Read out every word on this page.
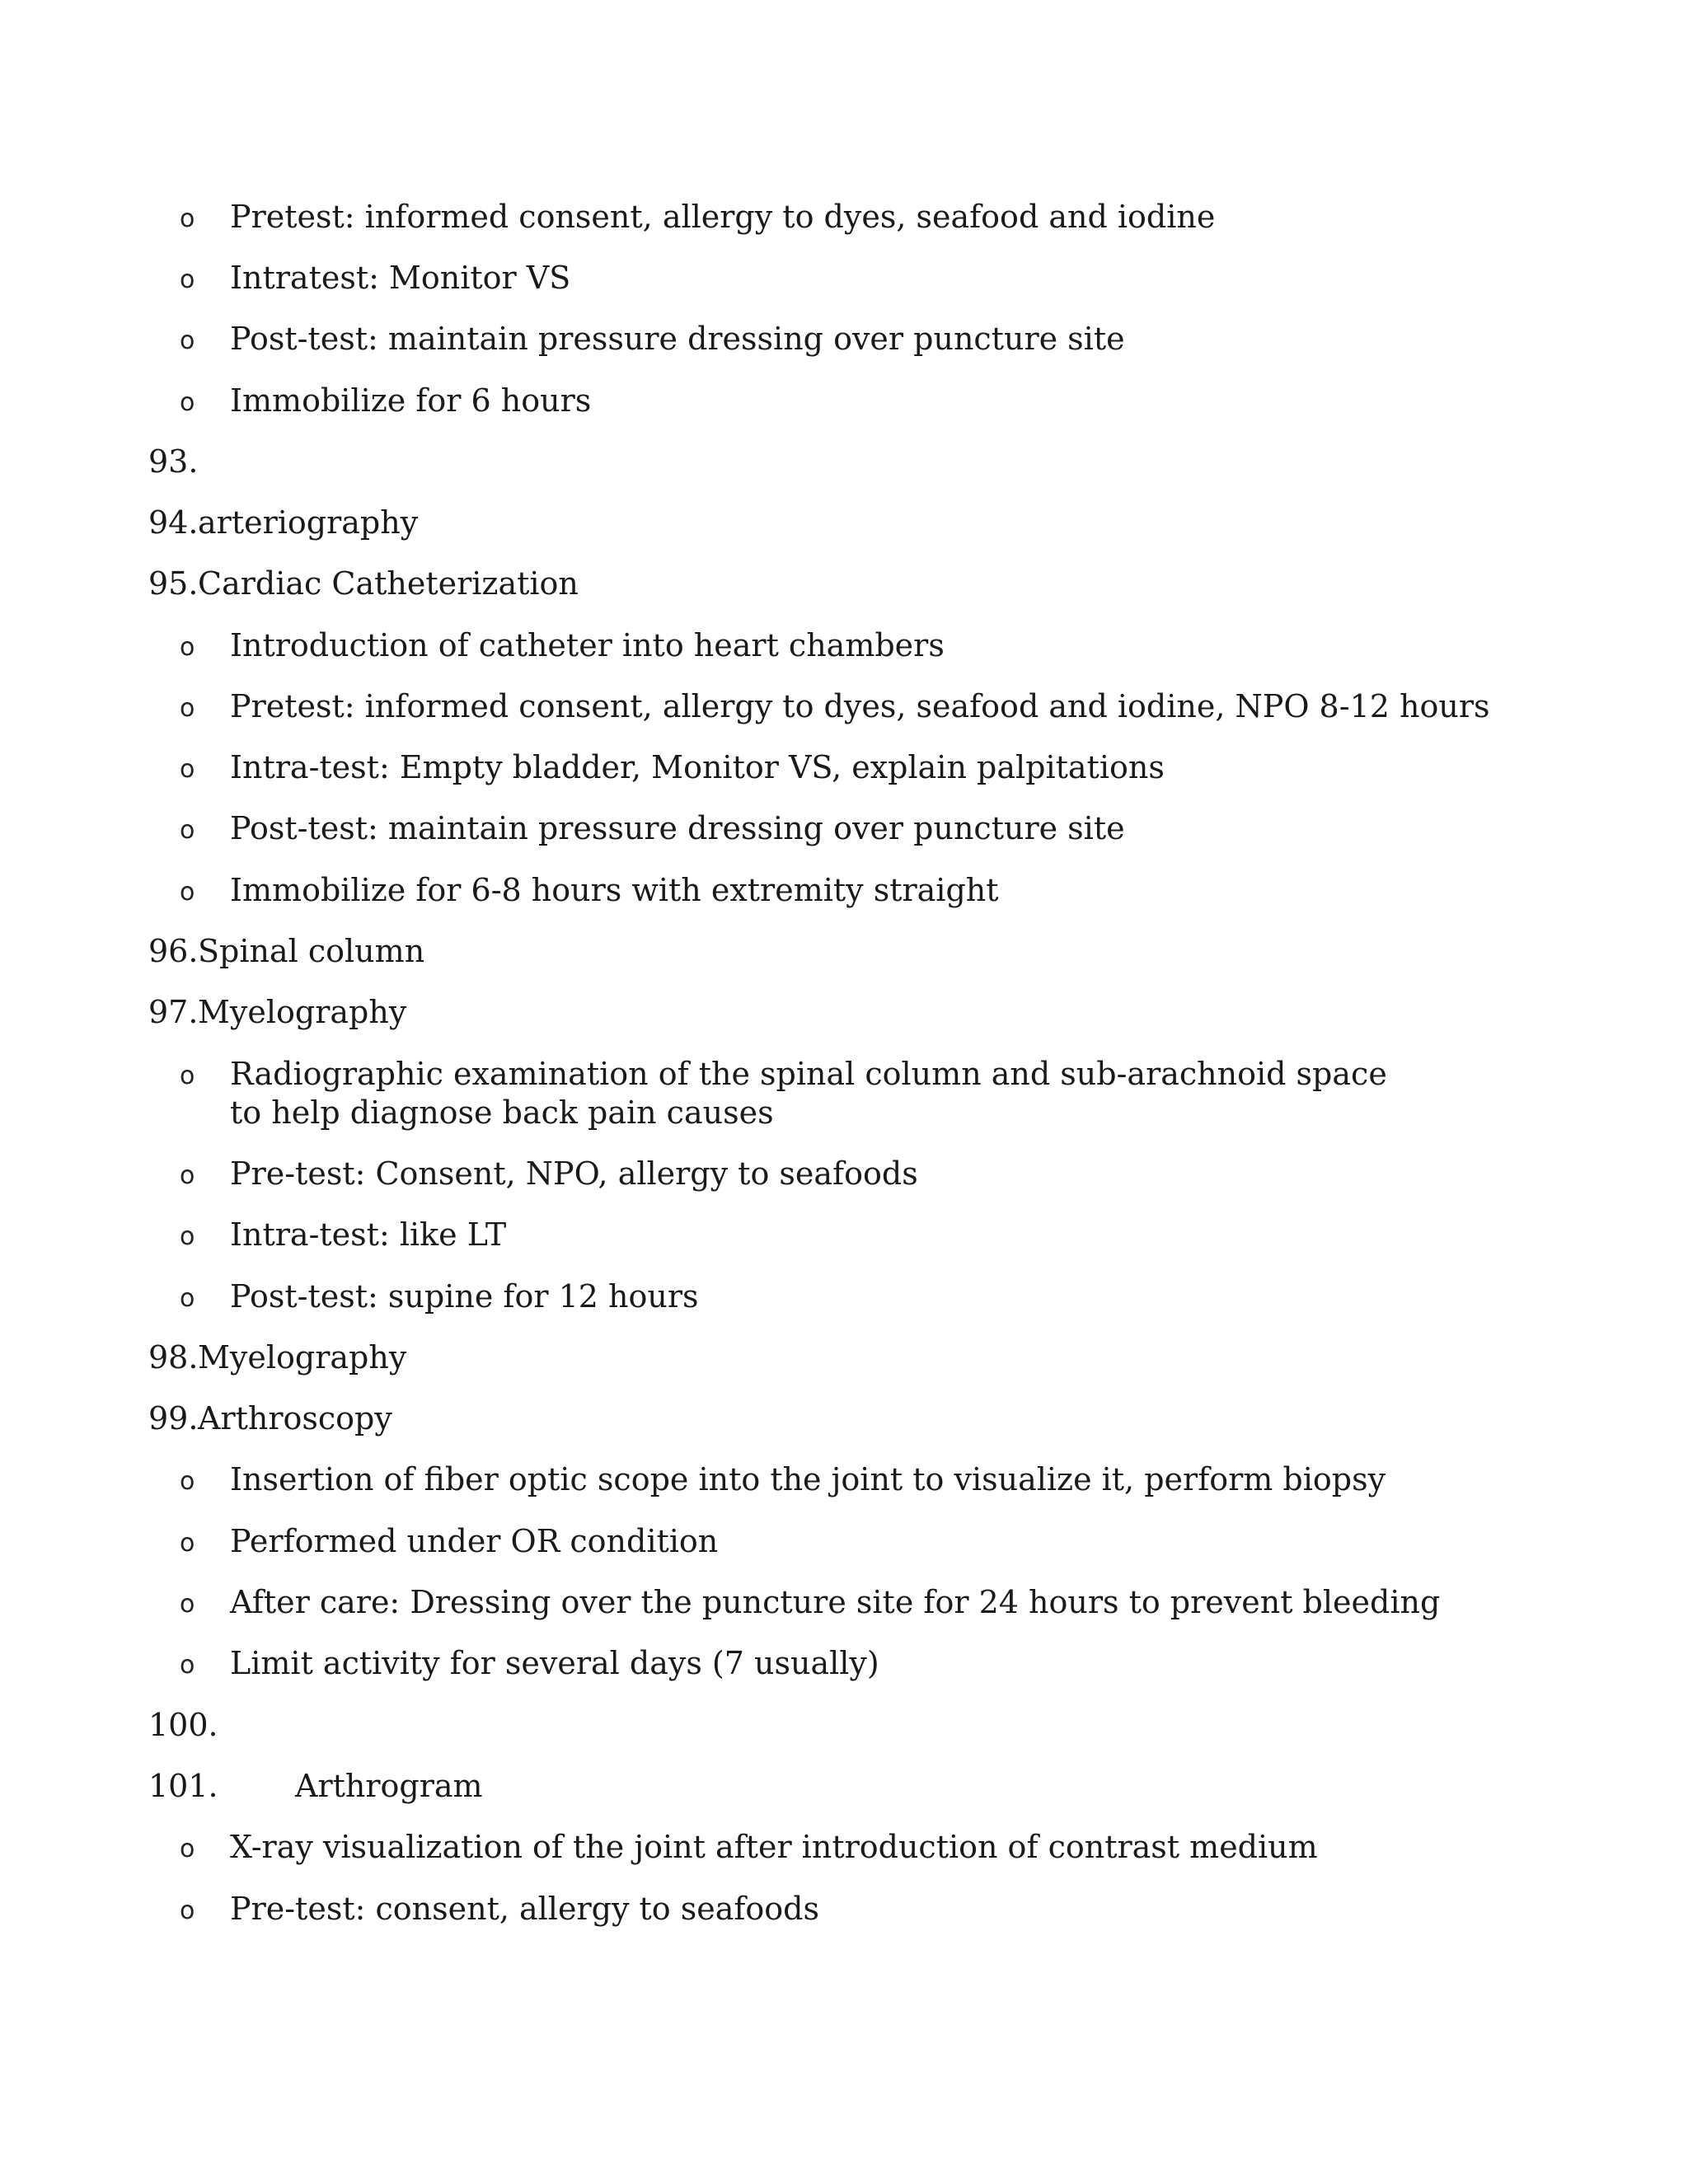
o Pretest: informed consent, allergy to dyes, seafood and iodine
o Intratest: Monitor VS
o Post-test: maintain pressure dressing over puncture site
o Immobilize for 6 hours
93.
94. arteriography
95. Cardiac Catheterization
o Introduction of catheter into heart chambers
o Pretest: informed consent, allergy to dyes, seafood and iodine, NPO 8-12 hours
o Intra-test: Empty bladder, Monitor VS, explain palpitations
o Post-test: maintain pressure dressing over puncture site
o Immobilize for 6-8 hours with extremity straight
96. Spinal column
97. Myelography
o Radiographic examination of the spinal column and sub-arachnoid space to help diagnose back pain causes
o Pre-test: Consent, NPO, allergy to seafoods
o Intra-test: like LT
o Post-test: supine for 12 hours
98. Myelography
99. Arthroscopy
o Insertion of fiber optic scope into the joint to visualize it, perform biopsy
o Performed under OR condition
o After care: Dressing over the puncture site for 24 hours to prevent bleeding
o Limit activity for several days (7 usually)
100.
101. Arthrogram
o X-ray visualization of the joint after introduction of contrast medium
o Pre-test: consent, allergy to seafoods
